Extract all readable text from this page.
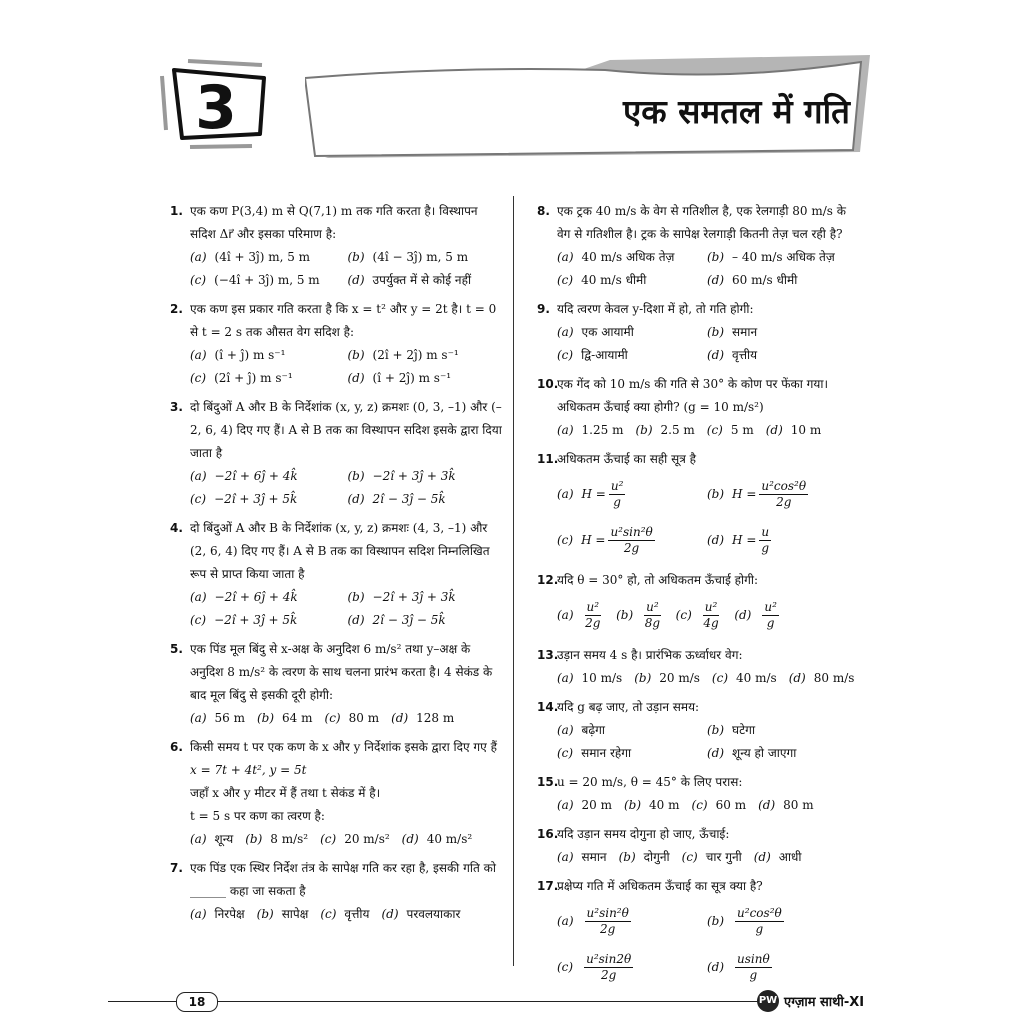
3	एक समतल में गति
1. एक कण P(3,4) m से Q(7,1) m तक गति करता है। विस्थापन सदिश Δr⃗ और इसका परिमाण है:
(a) (4î + 3ĵ) m, 5 m	(b) (4î − 3ĵ) m, 5 m
(c) (−4î + 3ĵ) m, 5 m (d) उपर्युक्त में से कोई नहीं
2. एक कण इस प्रकार गति करता है कि x = t² और y = 2t है। t = 0 से t = 2 s तक औसत वेग सदिश है:
(a) (î + ĵ) m s⁻¹	(b) (2î + 2ĵ) m s⁻¹
(c) (2î + ĵ) m s⁻¹	(d) (î + 2ĵ) m s⁻¹
3. दो बिंदुओं A और B के निर्देशांक (x, y, z) क्रमशः (0, 3, –1) और (–2, 6, 4) दिए गए हैं। A से B तक का विस्थापन सदिश इसके द्वारा दिया जाता है
(a) −2î + 6ĵ + 4k̂	(b) −2î + 3ĵ + 3k̂
(c) −2î + 3ĵ + 5k̂	(d) 2î − 3ĵ − 5k̂
4. दो बिंदुओं A और B के निर्देशांक (x, y, z) क्रमशः (4, 3, –1) और (2, 6, 4) दिए गए हैं। A से B तक का विस्थापन सदिश निम्नलिखित रूप से प्राप्त किया जाता है
(a) −2î + 6ĵ + 4k̂	(b) −2î + 3ĵ + 3k̂
(c) −2î + 3ĵ + 5k̂	(d) 2î − 3ĵ − 5k̂
5. एक पिंड मूल बिंदु से x-अक्ष के अनुदिश 6 m/s² तथा y–अक्ष के अनुदिश 8 m/s² के त्वरण के साथ चलना प्रारंभ करता है। 4 सेकंड के बाद मूल बिंदु से इसकी दूरी होगी:
(a) 56 m (b) 64 m (c) 80 m (d) 128 m
6. किसी समय t पर एक कण के x और y निर्देशांक इसके द्वारा दिए गए हैं
x = 7t + 4t², y = 5t
जहाँ x और y मीटर में हैं तथा t सेकंड में है।
t = 5 s पर कण का त्वरण है:
(a) शून्य (b) 8 m/s² (c) 20 m/s² (d) 40 m/s²
7. एक पिंड एक स्थिर निर्देश तंत्र के सापेक्ष गति कर रहा है, इसकी गति को ______ कहा जा सकता है
(a) निरपेक्ष (b) सापेक्ष (c) वृत्तीय (d) परवलयाकार
8. एक ट्रक 40 m/s के वेग से गतिशील है, एक रेलगाड़ी 80 m/s के वेग से गतिशील है। ट्रक के सापेक्ष रेलगाड़ी कितनी तेज़ चल रही है?
(a) 40 m/s अधिक तेज़	(b) – 40 m/s अधिक तेज़
(c) 40 m/s धीमी	(d) 60 m/s धीमी
9. यदि त्वरण केवल y-दिशा में हो, तो गति होगी:
(a) एक आयामी	(b) समान
(c) द्वि-आयामी	(d) वृत्तीय
10.
एक गेंद को 10 m/s की गति से 30° के कोण पर फेंका गया। अधिकतम ऊँचाई क्या होगी? (g = 10 m/s²)
(a) 1.25 m (b) 2.5 m (c) 5 m (d) 10 m
11.
अधिकतम ऊँचाई का सही सूत्र है
(a) $H = \frac{\text{u²}}{g}$	(b) $H = \frac{\text{u²cos²θ}}{2g}$
(c) $H = \frac{\text{u²sin²θ}}{2g}$	(d) $H = \frac{u}{g}$
12.
यदि θ = 30° हो, तो अधिकतम ऊँचाई होगी:
$(a) \frac{\text{u²}}{2g} (b) \frac{\text{u²}}{8g} (c) \frac{\text{u²}}{4g} (d) \frac{\text{u²}}{g}$
13.
उड़ान समय 4 s है। प्रारंभिक ऊर्ध्वाधर वेग:
(a) 10 m/s (b) 20 m/s (c) 40 m/s (d) 80 m/s
14.
यदि g बढ़ जाए, तो उड़ान समय:
(a) बढ़ेगा	(b) घटेगा
(c) समान रहेगा	(d) शून्य हो जाएगा
15.
u = 20 m/s, θ = 45° के लिए परास:
(a) 20 m (b) 40 m (c) 60 m (d) 80 m
16.
यदि उड़ान समय दोगुना हो जाए, ऊँचाई:
(a) समान (b) दोगुनी (c) चार गुनी (d) आधी
17.
प्रक्षेप्य गति में अधिकतम ऊँचाई का सूत्र क्या है?
$(a) \frac{\text{u²sin²θ}}{2g}$	$(b) \frac{\text{u²cos²θ}}{g}$
$(c) \frac{\text{u²sin2θ}}{2g}$	$(d) \frac{usin\theta}{g}$
18	PW एग्ज़ाम साथी-XI
